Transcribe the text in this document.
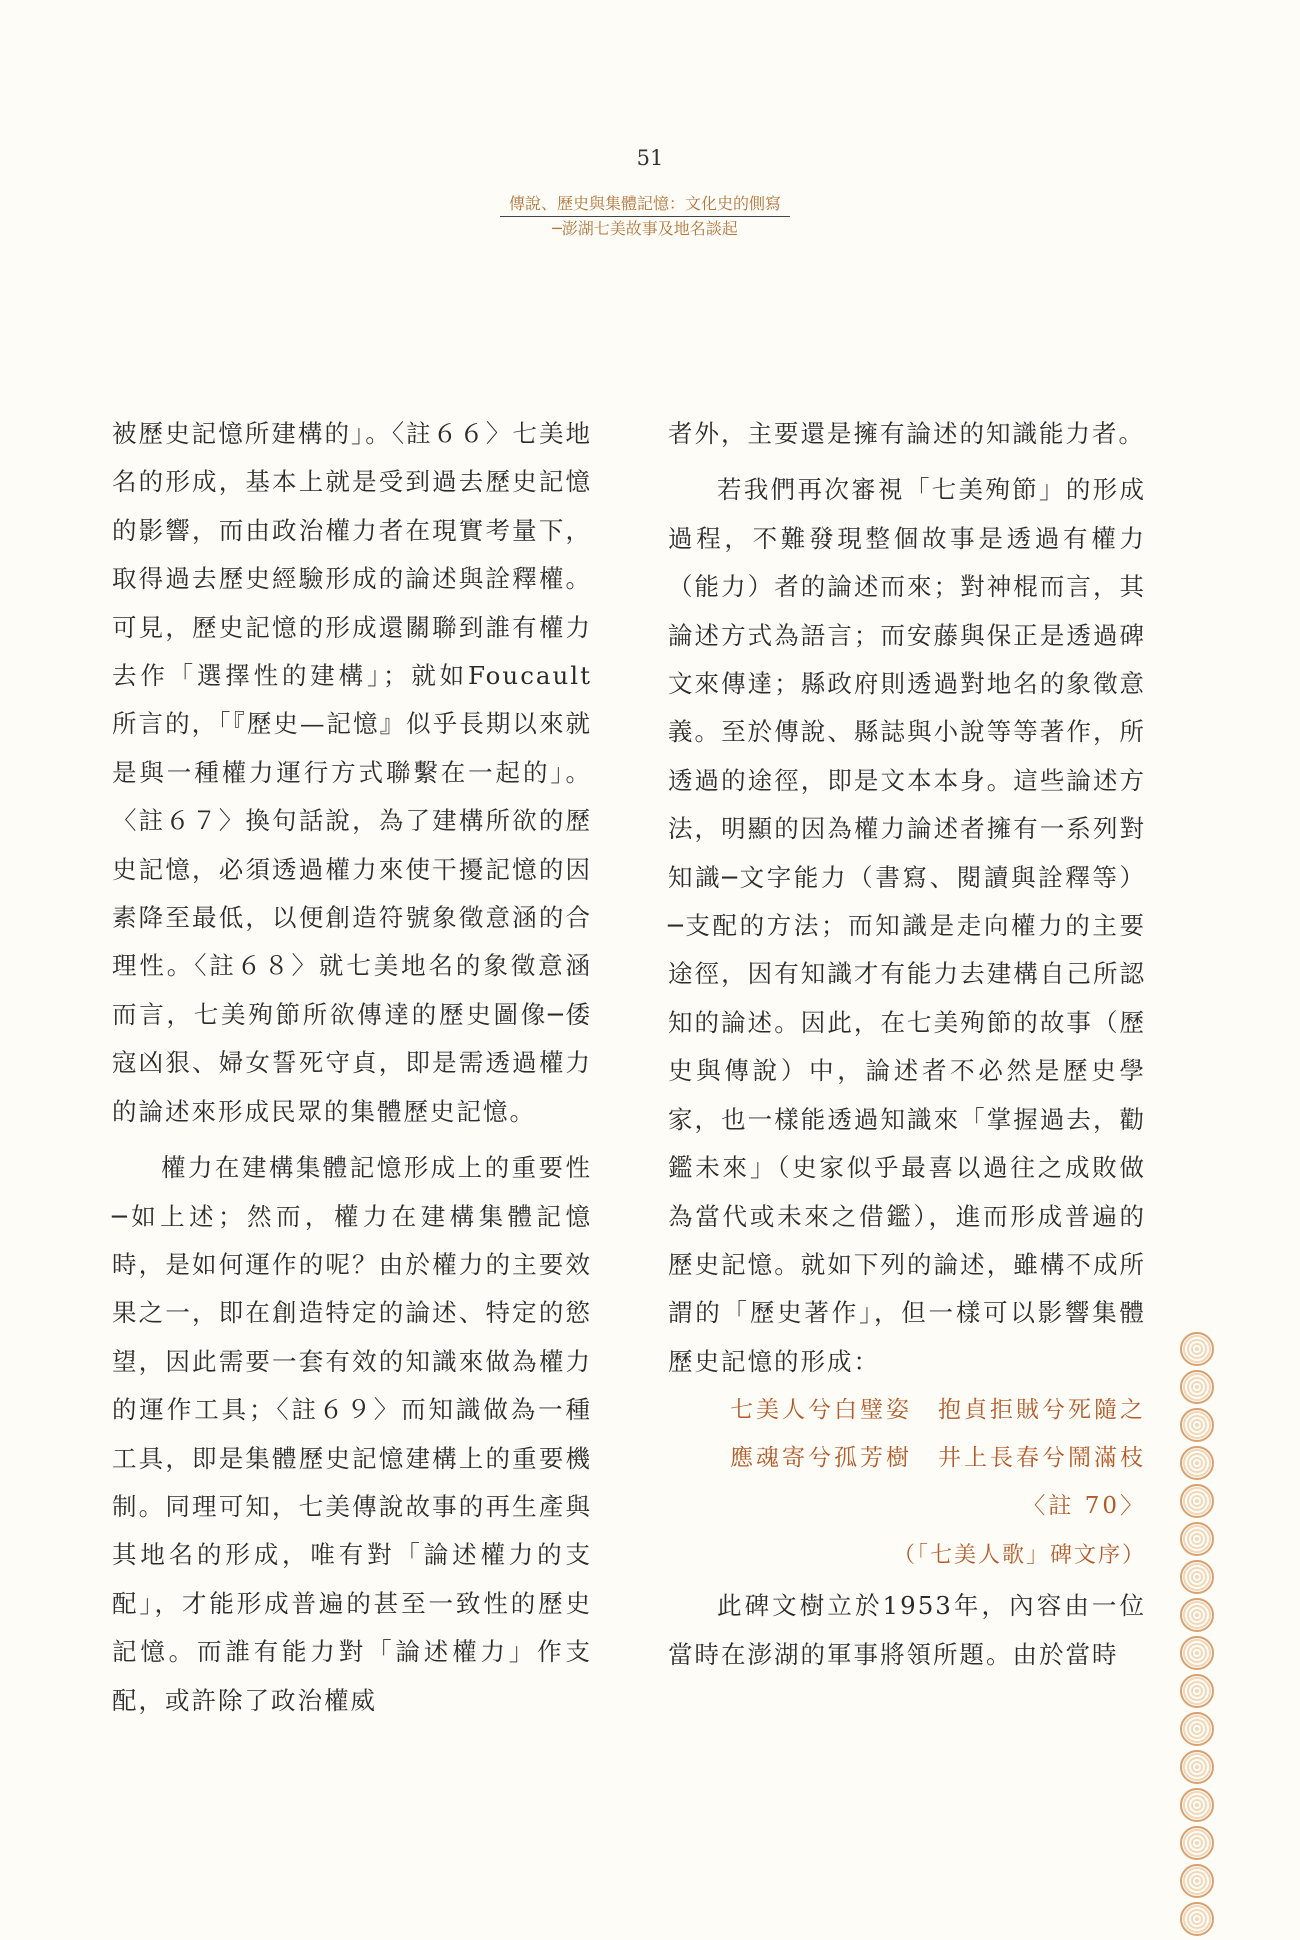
51
傳說、歷史與集體記憶：文化史的側寫
─澎湖七美故事及地名談起

被歷史記憶所建構的」。〈註６６〉七美地名的形成，基本上就是受到過去歷史記憶的影響，而由政治權力者在現實考量下，取得過去歷史經驗形成的論述與詮釋權。可見，歷史記憶的形成還關聯到誰有權力去作「選擇性的建構」；就如Foucault所言的，「『歷史—記憶』似乎長期以來就是與一種權力運行方式聯繫在一起的」。〈註６７〉換句話說，為了建構所欲的歷史記憶，必須透過權力來使干擾記憶的因素降至最低，以便創造符號象徵意涵的合理性。〈註６８〉就七美地名的象徵意涵而言，七美殉節所欲傳達的歷史圖像─倭寇凶狠、婦女誓死守貞，即是需透過權力的論述來形成民眾的集體歷史記憶。

權力在建構集體記憶形成上的重要性─如上述；然而，權力在建構集體記憶時，是如何運作的呢？由於權力的主要效果之一，即在創造特定的論述、特定的慾望，因此需要一套有效的知識來做為權力的運作工具；〈註６９〉而知識做為一種工具，即是集體歷史記憶建構上的重要機制。同理可知，七美傳說故事的再生產與其地名的形成，唯有對「論述權力的支配」，才能形成普遍的甚至一致性的歷史記憶。而誰有能力對「論述權力」作支配，或許除了政治權威

者外，主要還是擁有論述的知識能力者。

若我們再次審視「七美殉節」的形成過程，不難發現整個故事是透過有權力（能力）者的論述而來；對神棍而言，其論述方式為語言；而安藤與保正是透過碑文來傳達；縣政府則透過對地名的象徵意義。至於傳說、縣誌與小說等等著作，所透過的途徑，即是文本本身。這些論述方法，明顯的因為權力論述者擁有一系列對知識─文字能力（書寫、閱讀與詮釋等）─支配的方法；而知識是走向權力的主要途徑，因有知識才有能力去建構自己所認知的論述。因此，在七美殉節的故事（歷史與傳說）中，論述者不必然是歷史學家，也一樣能透過知識來「掌握過去，勸鑑未來」（史家似乎最喜以過往之成敗做為當代或未來之借鑑），進而形成普遍的歷史記憶。就如下列的論述，雖構不成所謂的「歷史著作」，但一樣可以影響集體歷史記憶的形成：

七美人兮白璧姿　抱貞拒賊兮死隨之
應魂寄兮孤芳樹　井上長春兮鬧滿枝
〈註 70〉
（「七美人歌」碑文序）

此碑文樹立於1953年，內容由一位當時在澎湖的軍事將領所題。由於當時
